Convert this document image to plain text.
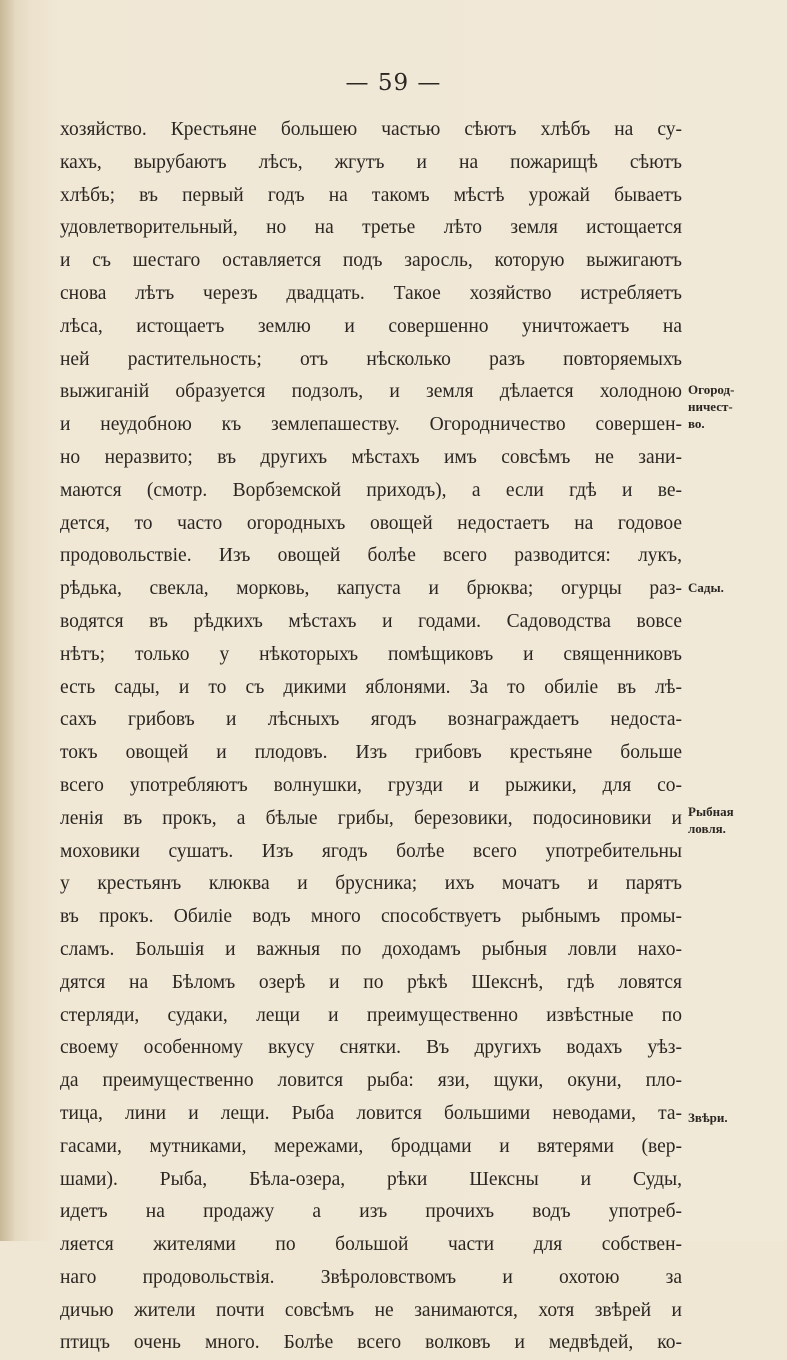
— 59 —
хозяйство. Крестьяне большею частью сѣютъ хлѣбъ на су-
кахъ, вырубаютъ лѣсъ, жгутъ и на пожарищѣ сѣютъ
хлѣбъ; въ первый годъ на такомъ мѣстѣ урожай бываетъ
удовлетворительный, но на третье лѣто земля истощается
и съ шестаго оставляется подъ заросль, которую выжигаютъ
снова лѣтъ черезъ двадцать. Такое хозяйство истребляетъ
лѣса, истощаетъ землю и совершенно уничтожаетъ на
ней растительность; отъ нѣсколько разъ повторяемыхъ
выжиганій образуется подзолъ, и земля дѣлается холодною
и неудобною къ землепашеству. Огородничество совершен-
но неразвито; въ другихъ мѣстахъ имъ совсѣмъ не зани-
маются (смотр. Ворбземской приходъ), а если гдѣ и ве-
дется, то часто огородныхъ овощей недостаетъ на годовое
продовольствіе. Изъ овощей болѣе всего разводится: лукъ,
рѣдька, свекла, морковь, капуста и брюква; огурцы раз-
водятся въ рѣдкихъ мѣстахъ и годами. Садоводства вовсе
нѣтъ; только у нѣкоторыхъ помѣщиковъ и священниковъ
есть сады, и то съ дикими яблонями. За то обиліе въ лѣ-
сахъ грибовъ и лѣсныхъ ягодъ вознаграждаетъ недоста-
токъ овощей и плодовъ. Изъ грибовъ крестьяне больше
всего употребляютъ волнушки, грузди и рыжики, для со-
ленія въ прокъ, а бѣлые грибы, березовики, подосиновики и
моховики сушатъ. Изъ ягодъ болѣе всего употребительны
у крестьянъ клюква и брусника; ихъ мочатъ и парятъ
въ прокъ. Обиліе водъ много способствуетъ рыбнымъ промы-
сламъ. Большія и важныя по доходамъ рыбныя ловли нахо-
дятся на Бѣломъ озерѣ и по рѣкѣ Шекснѣ, гдѣ ловятся
стерляди, судаки, лещи и преимущественно извѣстные по
своему особенному вкусу снятки. Въ другихъ водахъ уѣз-
да преимущественно ловится рыба: язи, щуки, окуни, пло-
тица, лини и лещи. Рыба ловится большими неводами, та-
гасами, мутниками, мережами, бродцами и вятерями (вер-
шами). Рыба, Бѣла-озера, рѣки Шексны и Суды,
идетъ на продажу а изъ прочихъ водъ употреб-
ляется жителями по большой части для собствен-
наго продовольствія. Звѣроловствомъ и охотою за
дичью жители почти совсѣмъ не занимаются, хотя звѣрей и
птицъ очень много. Болѣе всего волковъ и медвѣдей, ко-
Огород-
ничест-
во.
Сады.
Рыбная
ловля.
Звѣри.
